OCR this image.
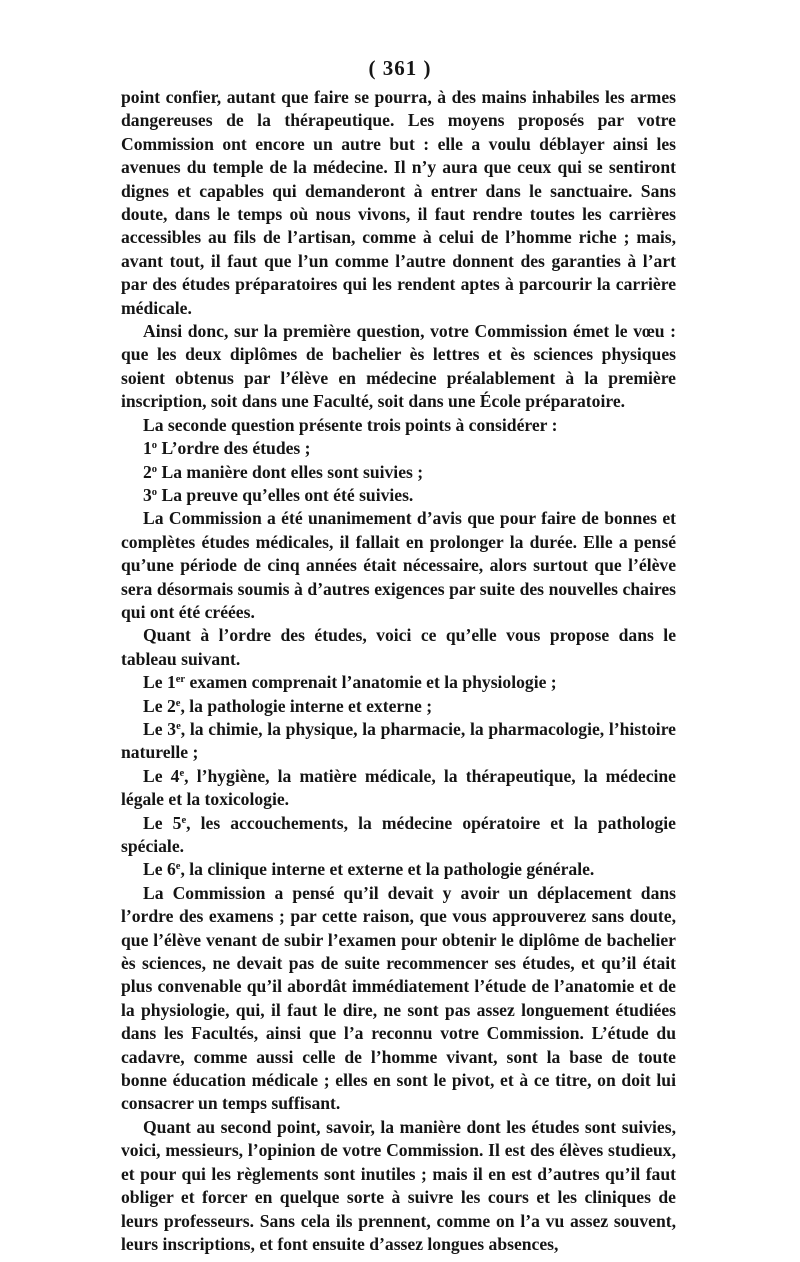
( 361 )

point confier, autant que faire se pourra, à des mains inhabiles les armes dangereuses de la thérapeutique. Les moyens proposés par votre Commission ont encore un autre but : elle a voulu déblayer ainsi les avenues du temple de la médecine. Il n’y aura que ceux qui se sentiront dignes et capables qui demanderont à entrer dans le sanctuaire. Sans doute, dans le temps où nous vivons, il faut rendre toutes les carrières accessibles au fils de l’artisan, comme à celui de l’homme riche ; mais, avant tout, il faut que l’un comme l’autre donnent des garanties à l’art par des études préparatoires qui les rendent aptes à parcourir la carrière médicale.

Ainsi donc, sur la première question, votre Commission émet le vœu : que les deux diplômes de bachelier ès lettres et ès sciences physiques soient obtenus par l’élève en médecine préalablement à la première inscription, soit dans une Faculté, soit dans une École préparatoire.

La seconde question présente trois points à considérer :

1$^o$ L’ordre des études ;

2$^o$ La manière dont elles sont suivies ;

3$^o$ La preuve qu’elles ont été suivies.

La Commission a été unanimement d’avis que pour faire de bonnes et complètes études médicales, il fallait en prolonger la durée. Elle a pensé qu’une période de cinq années était nécessaire, alors surtout que l’élève sera désormais soumis à d’autres exigences par suite des nouvelles chaires qui ont été créées.

Quant à l’ordre des études, voici ce qu’elle vous propose dans le tableau suivant.

Le 1er examen comprenait l’anatomie et la physiologie ;

Le 2e, la pathologie interne et externe ;

Le 3e, la chimie, la physique, la pharmacie, la pharmacologie, l’histoire naturelle ;

Le 4e, l’hygiène, la matière médicale, la thérapeutique, la médecine légale et la toxicologie.

Le 5e, les accouchements, la médecine opératoire et la pathologie spéciale.

Le 6e, la clinique interne et externe et la pathologie générale.

La Commission a pensé qu’il devait y avoir un déplacement dans l’ordre des examens ; par cette raison, que vous approuverez sans doute, que l’élève venant de subir l’examen pour obtenir le diplôme de bachelier ès sciences, ne devait pas de suite recommencer ses études, et qu’il était plus convenable qu’il abordât immédiatement l’étude de l’anatomie et de la physiologie, qui, il faut le dire, ne sont pas assez longuement étudiées dans les Facultés, ainsi que l’a reconnu votre Commission. L’étude du cadavre, comme aussi celle de l’homme vivant, sont la base de toute bonne éducation médicale ; elles en sont le pivot, et à ce titre, on doit lui consacrer un temps suffisant.

Quant au second point, savoir, la manière dont les études sont suivies, voici, messieurs, l’opinion de votre Commission. Il est des élèves studieux, et pour qui les règlements sont inutiles ; mais il en est d’autres qu’il faut obliger et forcer en quelque sorte à suivre les cours et les cliniques de leurs professeurs. Sans cela ils prennent, comme on l’a vu assez souvent, leurs inscriptions, et font ensuite d’assez longues absences,
